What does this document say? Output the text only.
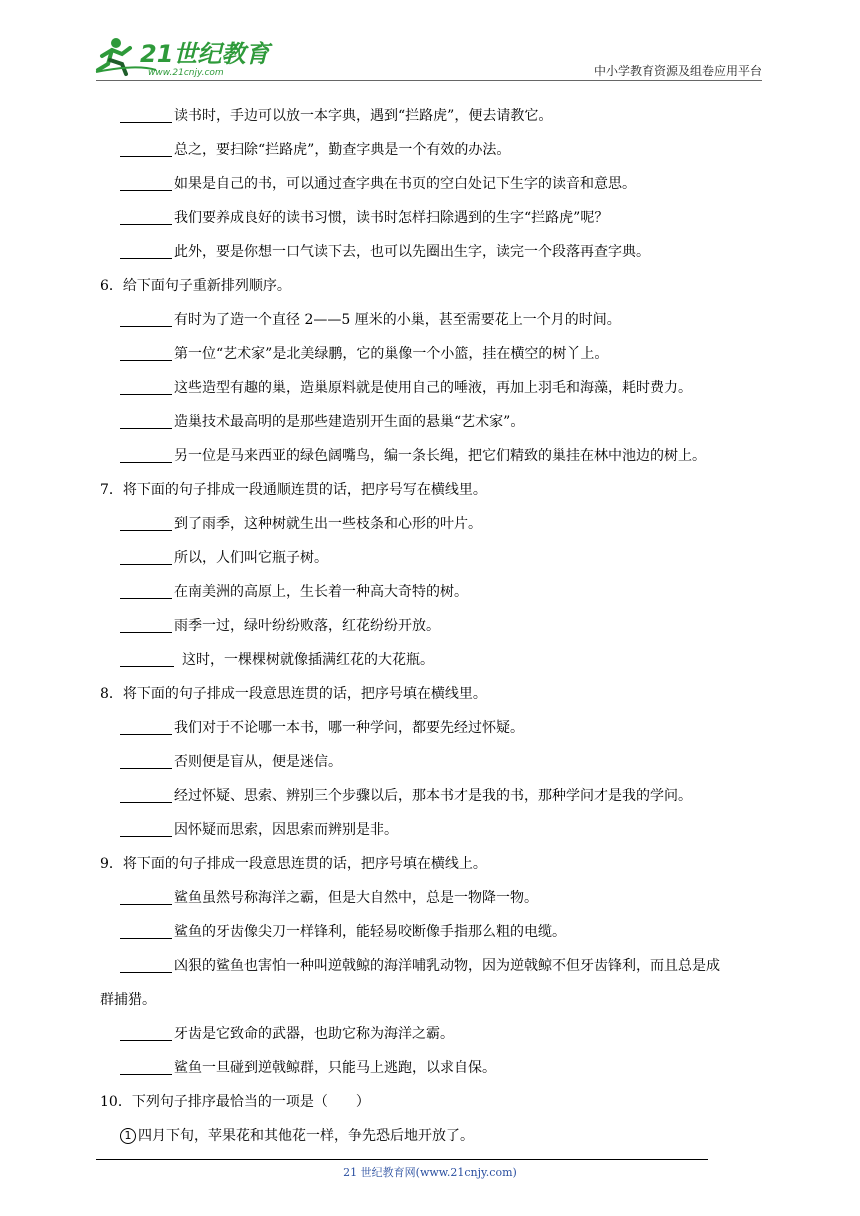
21世纪教育
www.21cnjy.com	中小学教育资源及组卷应用平台
读书时，手边可以放一本字典，遇到“拦路虎”，便去请教它。
总之，要扫除“拦路虎”，勤查字典是一个有效的办法。
如果是自己的书，可以通过查字典在书页的空白处记下生字的读音和意思。
我们要养成良好的读书习惯，读书时怎样扫除遇到的生字“拦路虎”呢？
此外，要是你想一口气读下去，也可以先圈出生字，读完一个段落再查字典。
6．给下面句子重新排列顺序。
有时为了造一个直径 2——5 厘米的小巢，甚至需要花上一个月的时间。
第一位“艺术家”是北美绿鹏，它的巢像一个小篮，挂在横空的树丫上。
这些造型有趣的巢，造巢原料就是使用自己的唾液，再加上羽毛和海藻，耗时费力。
造巢技术最高明的是那些建造别开生面的悬巢“艺术家”。
另一位是马来西亚的绿色阔嘴鸟，编一条长绳，把它们精致的巢挂在林中池边的树上。
7．将下面的句子排成一段通顺连贯的话，把序号写在横线里。
到了雨季，这种树就生出一些枝条和心形的叶片。
所以，人们叫它瓶子树。
在南美洲的高原上，生长着一种高大奇特的树。
雨季一过，绿叶纷纷败落，红花纷纷开放。
这时，一棵棵树就像插满红花的大花瓶。
8．将下面的句子排成一段意思连贯的话，把序号填在横线里。
我们对于不论哪一本书，哪一种学问，都要先经过怀疑。
否则便是盲从，便是迷信。
经过怀疑、思索、辨别三个步骤以后，那本书才是我的书，那种学问才是我的学问。
因怀疑而思索，因思索而辨别是非。
9．将下面的句子排成一段意思连贯的话，把序号填在横线上。
鲨鱼虽然号称海洋之霸，但是大自然中，总是一物降一物。
鲨鱼的牙齿像尖刀一样锋利，能轻易咬断像手指那么粗的电缆。
凶狠的鲨鱼也害怕一种叫逆戟鲸的海洋哺乳动物，因为逆戟鲸不但牙齿锋利，而且总是成
群捕猎。
牙齿是它致命的武器，也助它称为海洋之霸。
鲨鱼一旦碰到逆戟鲸群，只能马上逃跑，以求自保。
10．下列句子排序最恰当的一项是（　　）
1 四月下旬，苹果花和其他花一样，争先恐后地开放了。
21 世纪教育网(www.21cnjy.com)
